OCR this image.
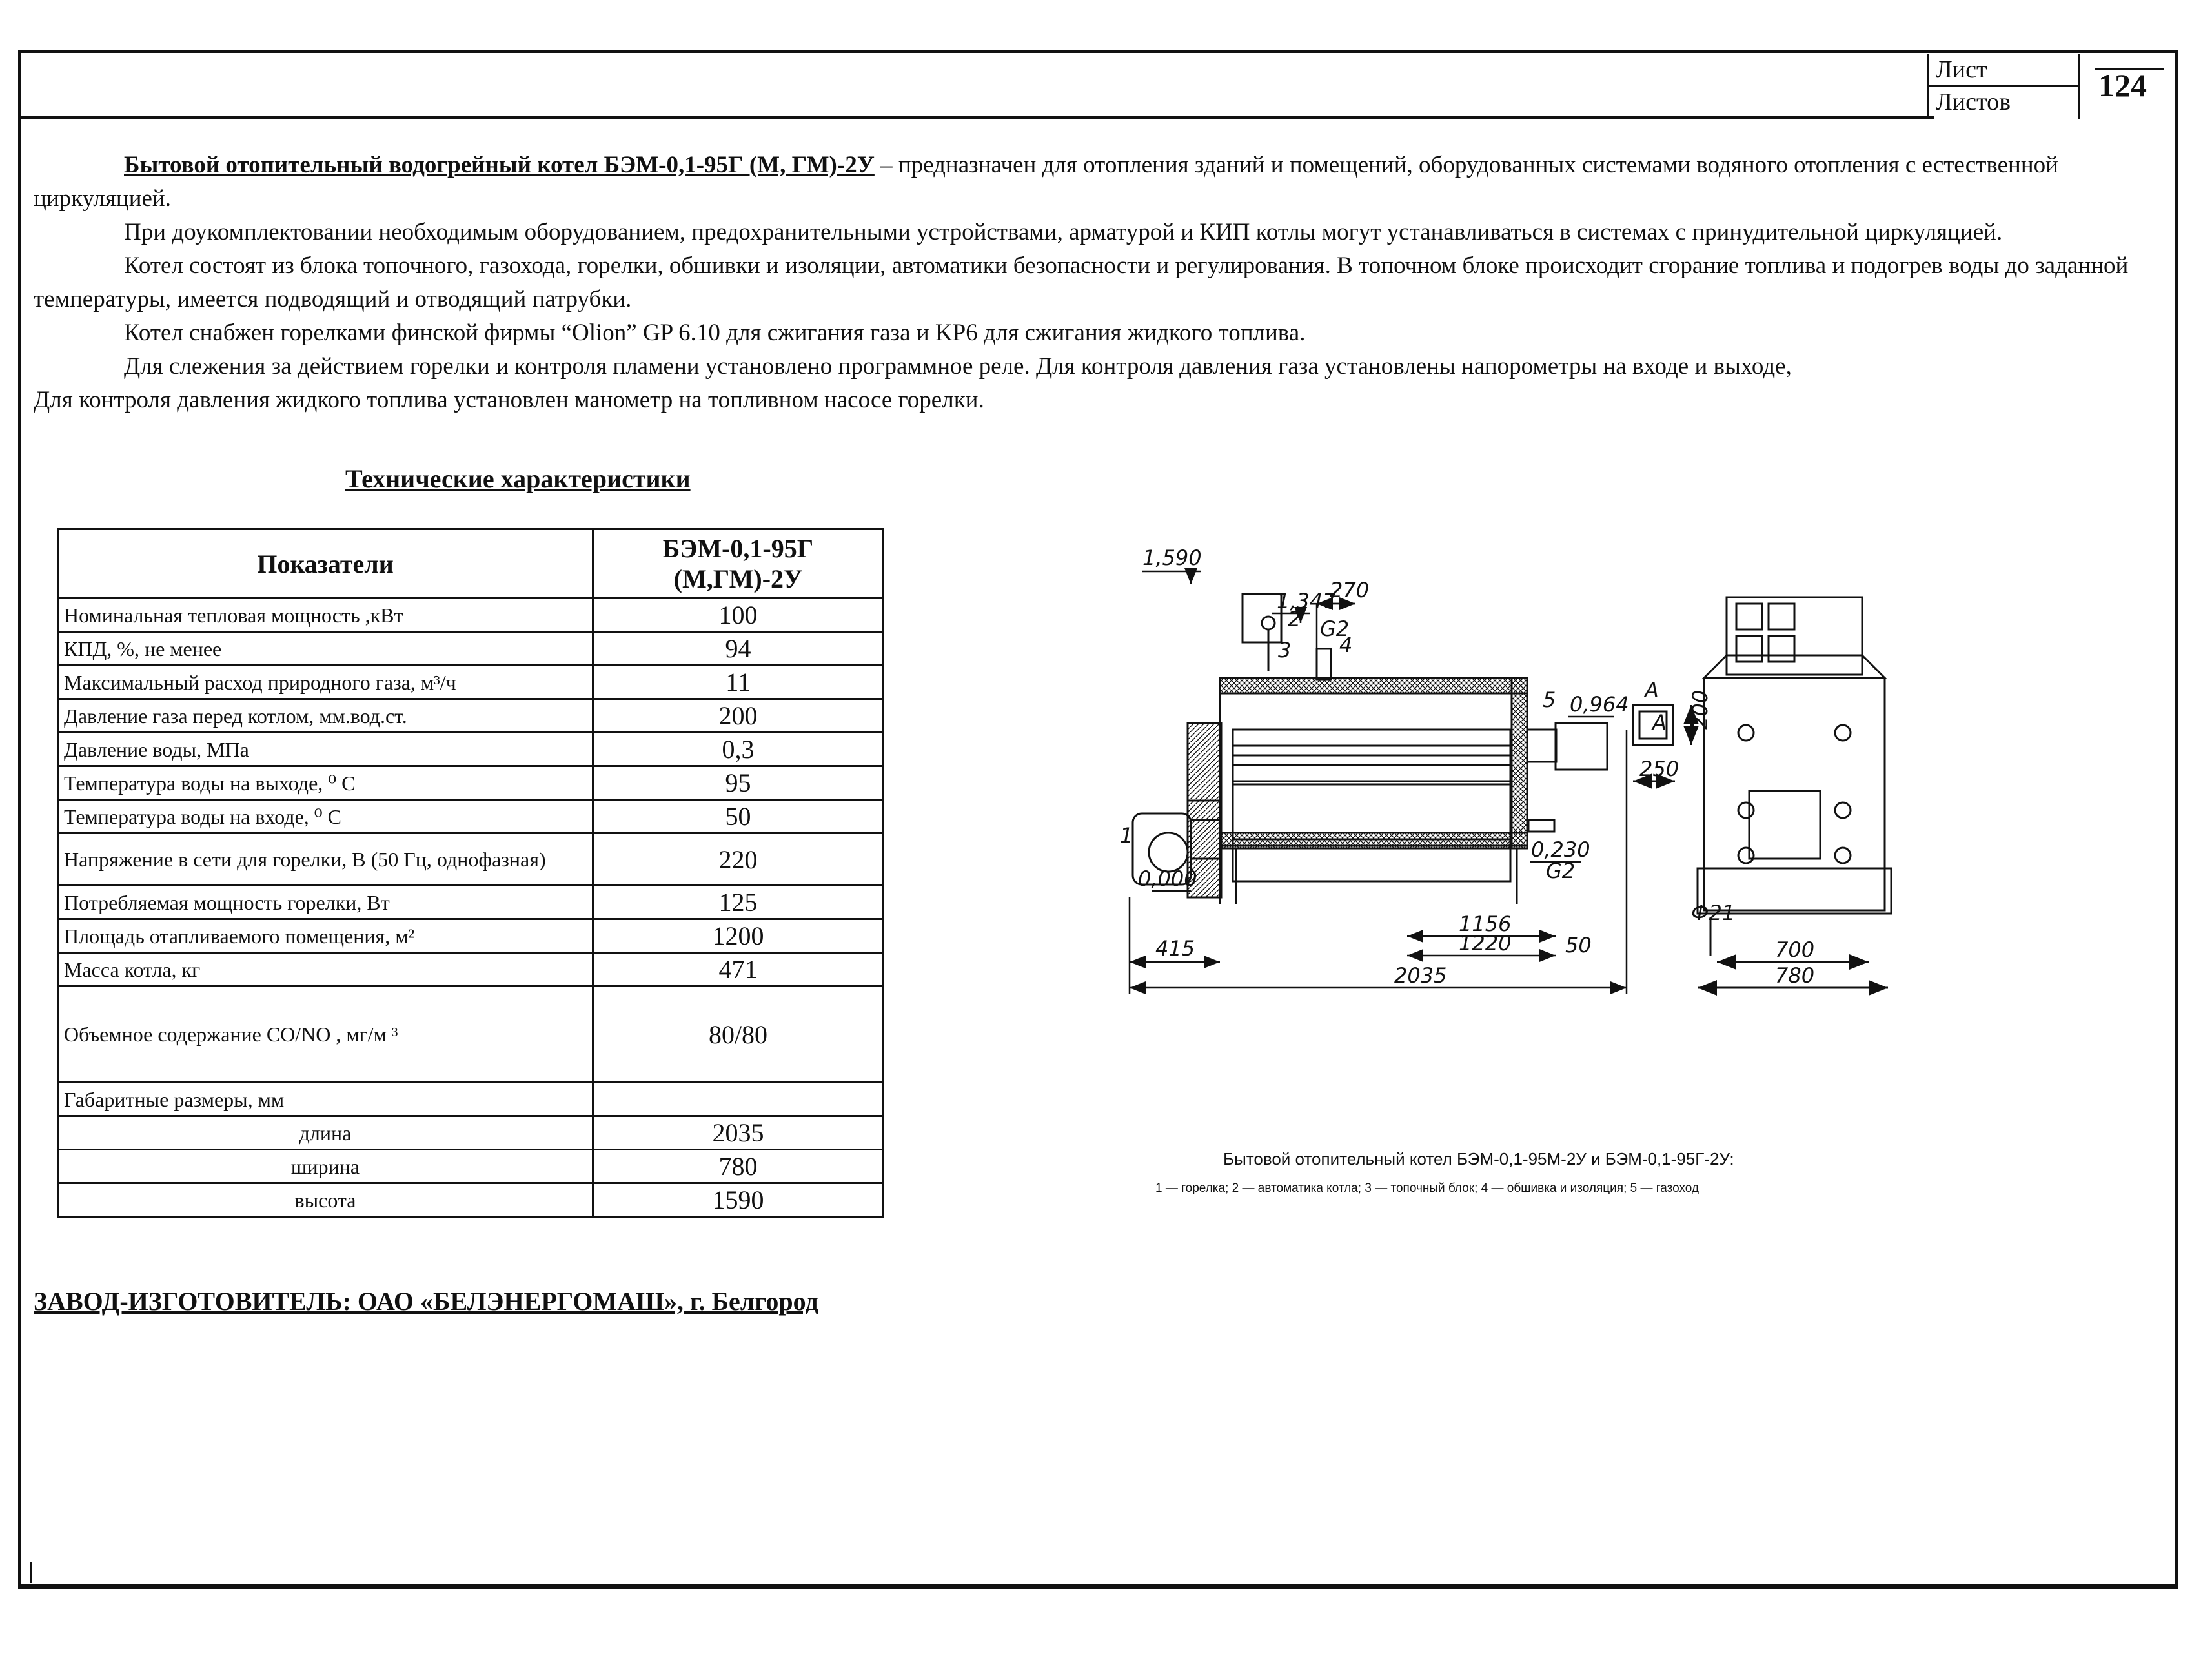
Лист
Листов	124

Бытовой отопительный водогрейный котел БЭМ-0,1-95Г (М, ГМ)-2У – предназначен для отопления зданий и помещений, оборудованных системами водяного отопления с естественной циркуляцией.

При доукомплектовании необходимым оборудованием, предохранительными устройствами, арматурой и КИП котлы могут устанавливаться в системах с принудительной циркуляцией.

Котел состоят из блока топочного, газохода, горелки, обшивки и изоляции, автоматики безопасности и регулирования. В топочном блоке происходит сгорание топлива и подогрев воды до заданной температуры, имеется подводящий и отводящий патрубки.

Котел снабжен горелками финской фирмы “Olion” GP 6.10 для сжигания газа и KP6 для сжигания жидкого топлива.

Для слежения за действием горелки и контроля пламени установлено программное реле. Для контроля давления газа установлены напорометры на входе и выходе,

Для контроля давления жидкого топлива установлен манометр на топливном насосе горелки.

Технические характеристики
Показатели	БЭМ-0,1-95Г (М,ГМ)-2У
Номинальная тепловая мощность ,кВт	100
КПД, %, не менее	94
Максимальный расход природного газа, м³/ч	11
Давление газа перед котлом, мм.вод.ст.	200
Давление воды, МПа	0,3
Температура воды на выходе, ⁰ С	95
Температура воды на входе, ⁰ С	50
Напряжение в сети для горелки, В (50 Гц, однофазная)	220
Потребляемая мощность горелки, Вт	125
Площадь отапливаемого помещения, м²	1200
Масса котла, кг	471
Объемное содержание CO/NO , мг/м ³	80/80
Габаритные размеры, мм	
длина	2035
ширина	780
высота	1590
ЗАВОД-ИЗГОТОВИТЕЛЬ: ОАО «БЕЛЭНЕРГОМАШ», г. Белгород
1,590
1,347
270
0,964
0,230
0,000
1156
1220
415
2035
50
200
250
700
780
Ф21
1
2
3 4
5
G2
G2
A
A
Бытовой отопительный котел БЭМ-0,1-95М-2У и БЭМ-0,1-95Г-2У:
1 — горелка; 2 — автоматика котла; 3 — топочный блок; 4 — обшивка и изоляция; 5 — газоход
